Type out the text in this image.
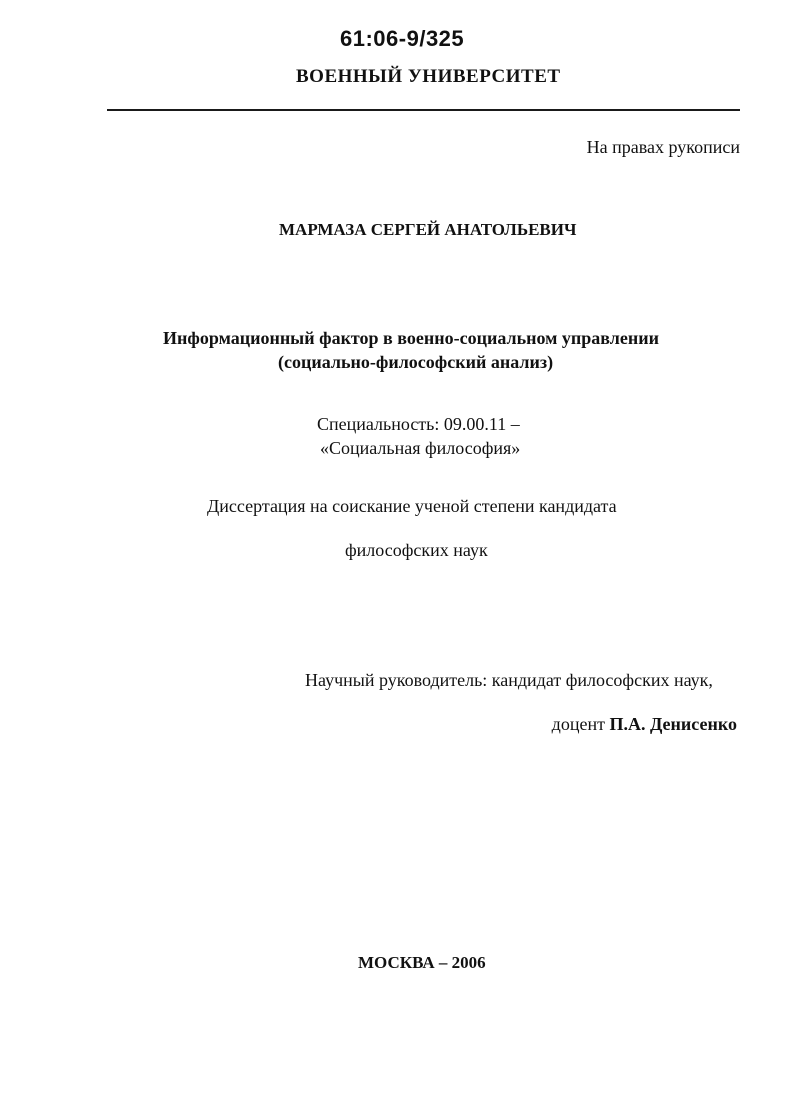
61:06-9/325
ВОЕННЫЙ УНИВЕРСИТЕТ
На правах рукописи
МАРМАЗА СЕРГЕЙ АНАТОЛЬЕВИЧ
Информационный фактор в военно-социальном управлении
(социально-философский анализ)
Специальность: 09.00.11 –
«Социальная философия»
Диссертация на соискание ученой степени кандидата
философских наук
Научный руководитель: кандидат философских наук,
доцент П.А. Денисенко
МОСКВА – 2006
